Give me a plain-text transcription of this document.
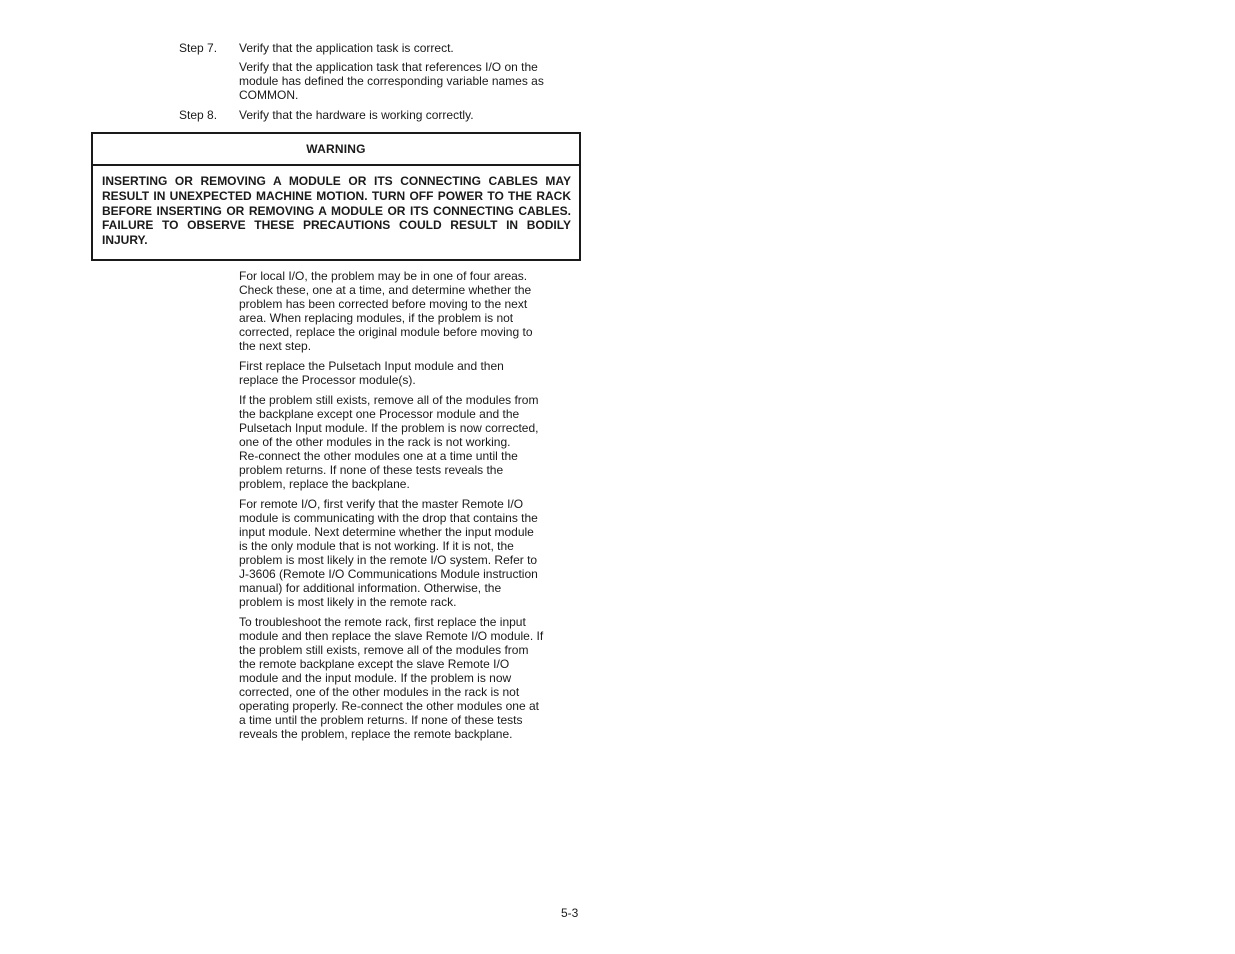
Step 7. Verify that the application task is correct.
Verify that the application task that references I/O on the
module has defined the corresponding variable names as
COMMON.
Step 8. Verify that the hardware is working correctly.
WARNING
INSERTING OR REMOVING A MODULE OR ITS CONNECTING CABLES MAY RESULT IN UNEXPECTED MACHINE MOTION. TURN OFF POWER TO THE RACK BEFORE INSERTING OR REMOVING A MODULE OR ITS CONNECTING CABLES. FAILURE TO OBSERVE THESE PRECAUTIONS COULD RESULT IN BODILY INJURY.
For local I/O, the problem may be in one of four areas.
Check these, one at a time, and determine whether the
problem has been corrected before moving to the next
area. When replacing modules, if the problem is not
corrected, replace the original module before moving to
the next step.
First replace the Pulsetach Input module and then
replace the Processor module(s).
If the problem still exists, remove all of the modules from
the backplane except one Processor module and the
Pulsetach Input module. If the problem is now corrected,
one of the other modules in the rack is not working.
Re-connect the other modules one at a time until the
problem returns. If none of these tests reveals the
problem, replace the backplane.
For remote I/O, first verify that the master Remote I/O
module is communicating with the drop that contains the
input module. Next determine whether the input module
is the only module that is not working. If it is not, the
problem is most likely in the remote I/O system. Refer to
J-3606 (Remote I/O Communications Module instruction
manual) for additional information. Otherwise, the
problem is most likely in the remote rack.
To troubleshoot the remote rack, first replace the input
module and then replace the slave Remote I/O module. If
the problem still exists, remove all of the modules from
the remote backplane except the slave Remote I/O
module and the input module. If the problem is now
corrected, one of the other modules in the rack is not
operating properly. Re-connect the other modules one at
a time until the problem returns. If none of these tests
reveals the problem, replace the remote backplane.
5-3
